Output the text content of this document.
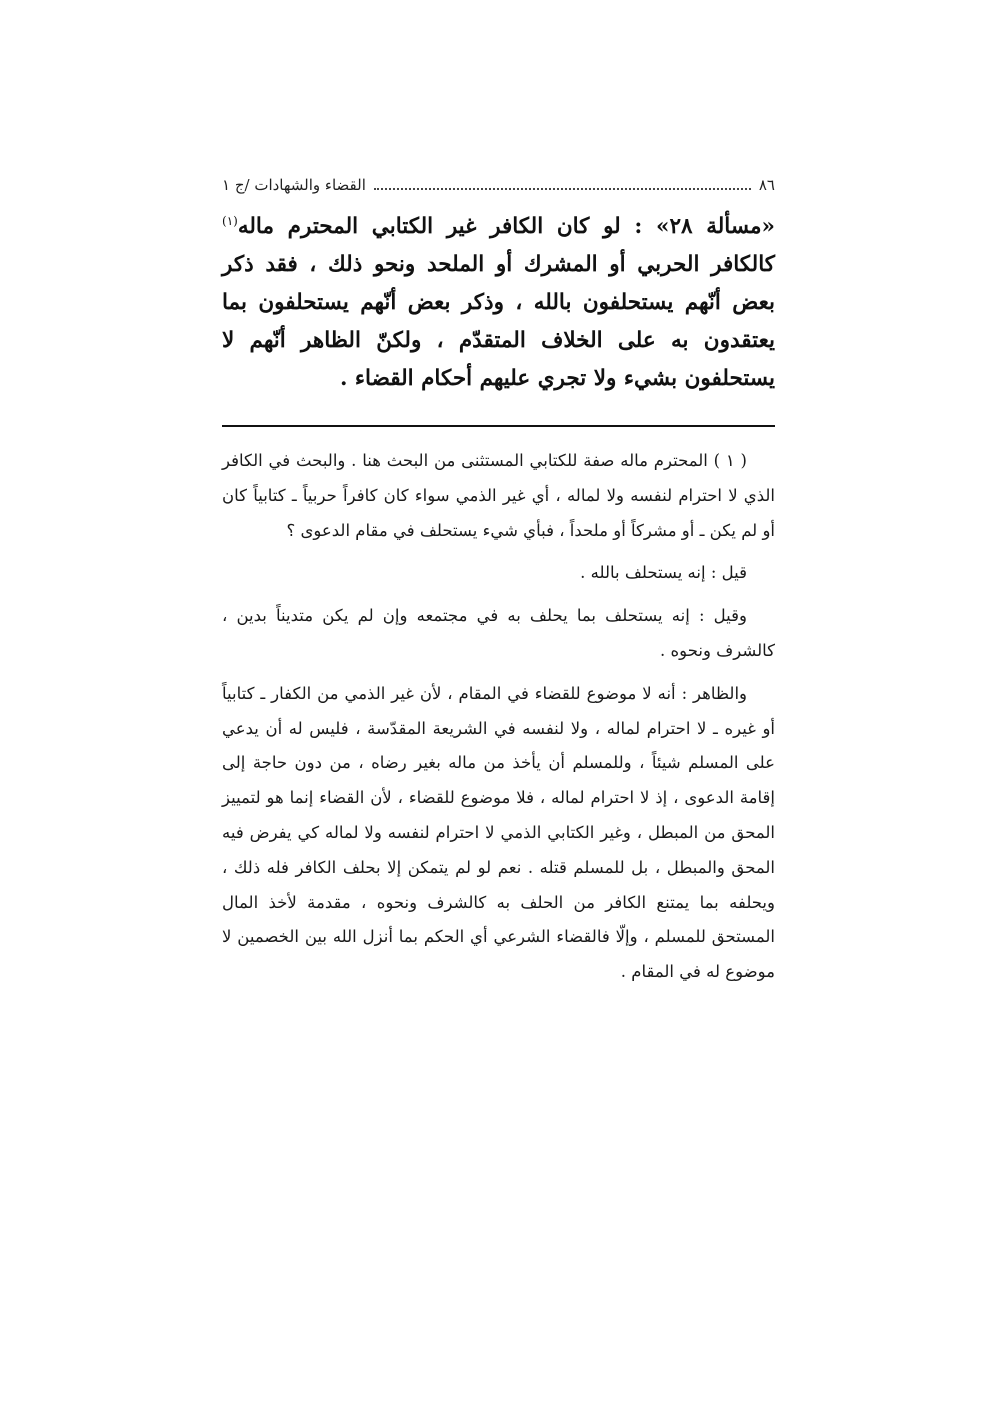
٨٦
القضاء والشهادات /ج ١
«مسألة ٢٨» : لو كان الكافر غير الكتابي المحترم ماله$^{(١)}$ كالكافر الحربي أو المشرك أو الملحد ونحو ذلك ، فقد ذكر بعض أنّهم يستحلفون بالله ، وذكر بعض أنّهم يستحلفون بما يعتقدون به على الخلاف المتقدّم ، ولكنّ الظاهر أنّهم لا يستحلفون بشيء ولا تجري عليهم أحكام القضاء .

( ١ ) المحترم ماله صفة للكتابي المستثنى من البحث هنا . والبحث في الكافر الذي لا احترام لنفسه ولا لماله ، أي غير الذمي سواء كان كافراً حربياً ـ كتابياً كان أو لم يكن ـ أو مشركاً أو ملحداً ، فبأي شيء يستحلف في مقام الدعوى ؟

قيل : إنه يستحلف بالله .

وقيل : إنه يستحلف بما يحلف به في مجتمعه وإن لم يكن متديناً بدين ، كالشرف ونحوه .

والظاهر : أنه لا موضوع للقضاء في المقام ، لأن غير الذمي من الكفار ـ كتابياً أو غيره ـ لا احترام لماله ، ولا لنفسه في الشريعة المقدّسة ، فليس له أن يدعي على المسلم شيئاً ، وللمسلم أن يأخذ من ماله بغير رضاه ، من دون حاجة إلى إقامة الدعوى ، إذ لا احترام لماله ، فلا موضوع للقضاء ، لأن القضاء إنما هو لتمييز المحق من المبطل ، وغير الكتابي الذمي لا احترام لنفسه ولا لماله كي يفرض فيه المحق والمبطل ، بل للمسلم قتله . نعم لو لم يتمكن إلا بحلف الكافر فله ذلك ، ويحلفه بما يمتنع الكافر من الحلف به كالشرف ونحوه ، مقدمة لأخذ المال المستحق للمسلم ، وإلّا فالقضاء الشرعي أي الحكم بما أنزل الله بين الخصمين لا موضوع له في المقام .
